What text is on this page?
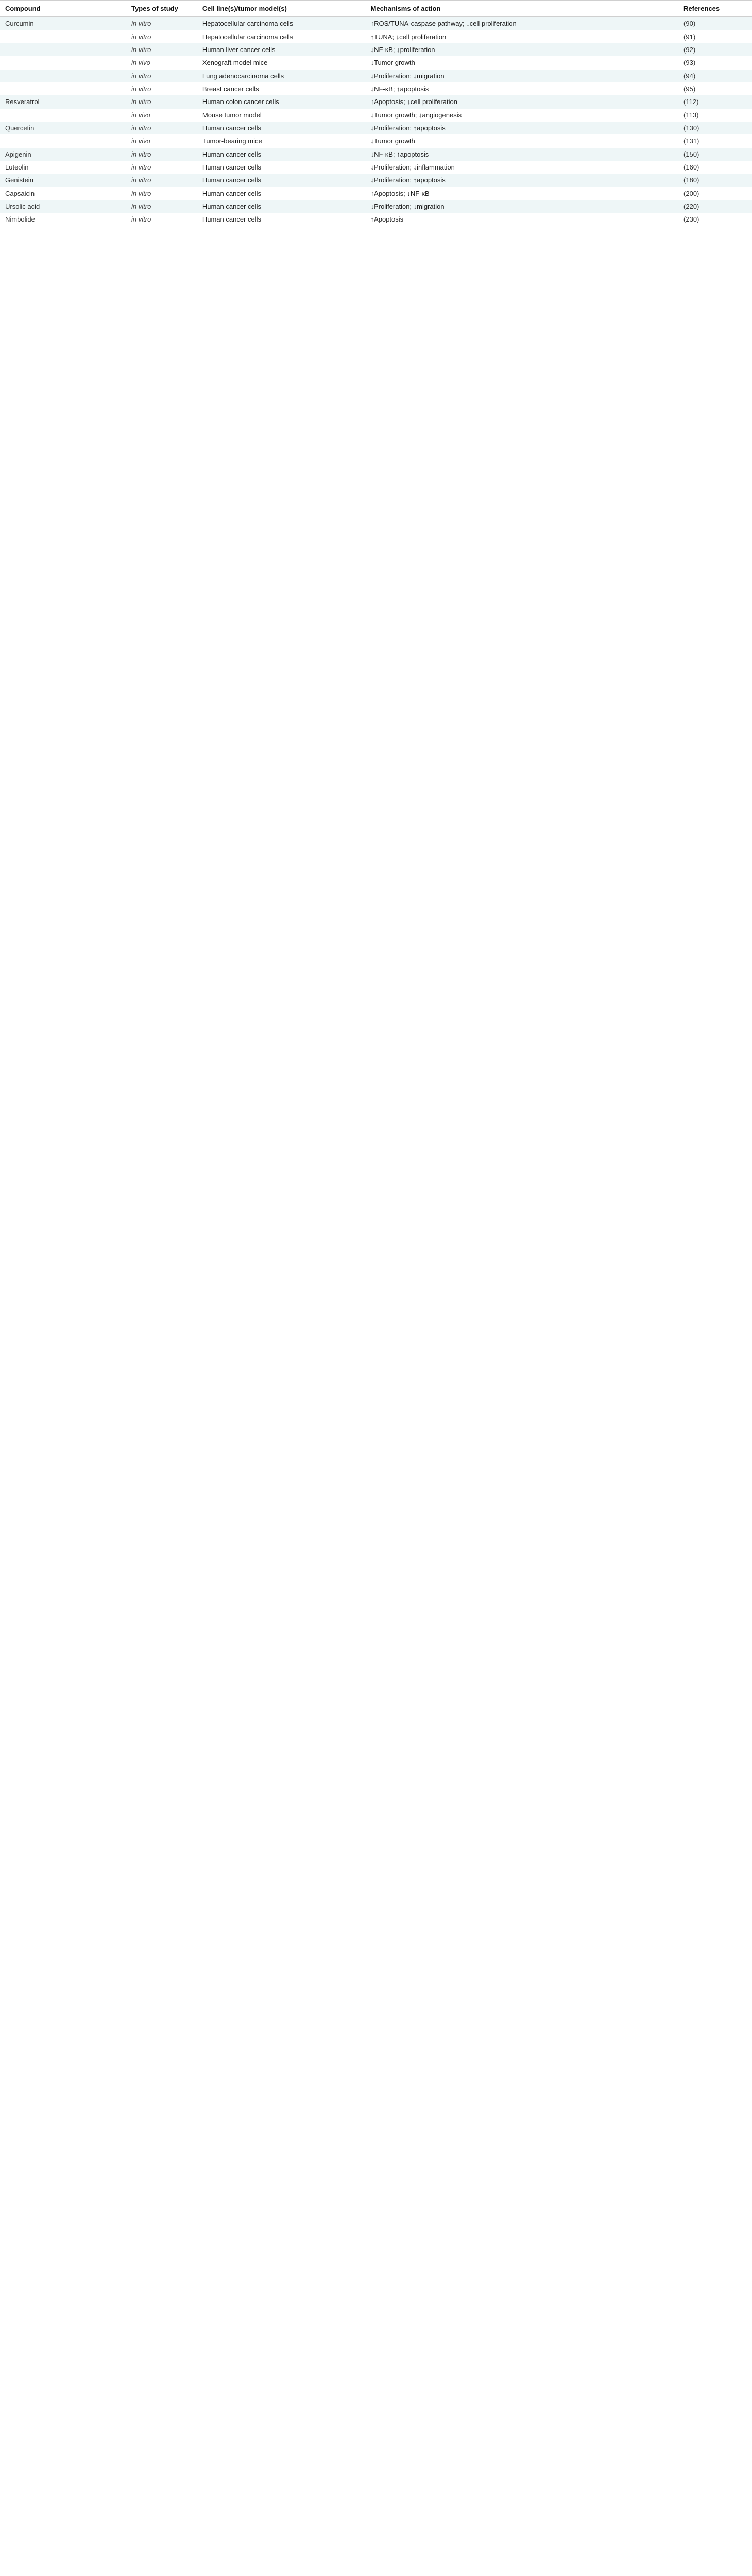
Compound	Types of study	Cell line(s)/tumor model(s)	Mechanisms of action	References
Curcumin	in vitro	Hepatocellular carcinoma cells	↑ROS/TUNA-caspase pathway; ↓cell proliferation	(90)
	in vitro	Hepatocellular carcinoma cells	↑TUNA; ↓cell proliferation	(91)
	in vitro	Human liver cancer cells	↓NF-κB; ↓proliferation	(92)
	in vivo	Xenograft model mice	↓Tumor growth	(93)
	in vitro	Lung adenocarcinoma cells	↓Proliferation; ↓migration	(94)
	in vitro	Breast cancer cells	↓NF-κB; ↑apoptosis	(95)
Resveratrol	in vitro	Human colon cancer cells	↑Apoptosis; ↓cell proliferation	(112)
	in vivo	Mouse tumor model	↓Tumor growth; ↓angiogenesis	(113)
Quercetin	in vitro	Human cancer cells	↓Proliferation; ↑apoptosis	(130)
	in vivo	Tumor-bearing mice	↓Tumor growth	(131)
Apigenin	in vitro	Human cancer cells	↓NF-κB; ↑apoptosis	(150)
Luteolin	in vitro	Human cancer cells	↓Proliferation; ↓inflammation	(160)
Genistein	in vitro	Human cancer cells	↓Proliferation; ↑apoptosis	(180)
Capsaicin	in vitro	Human cancer cells	↑Apoptosis; ↓NF-κB	(200)
Ursolic acid	in vitro	Human cancer cells	↓Proliferation; ↓migration	(220)
Nimbolide	in vitro	Human cancer cells	↑Apoptosis	(230)
